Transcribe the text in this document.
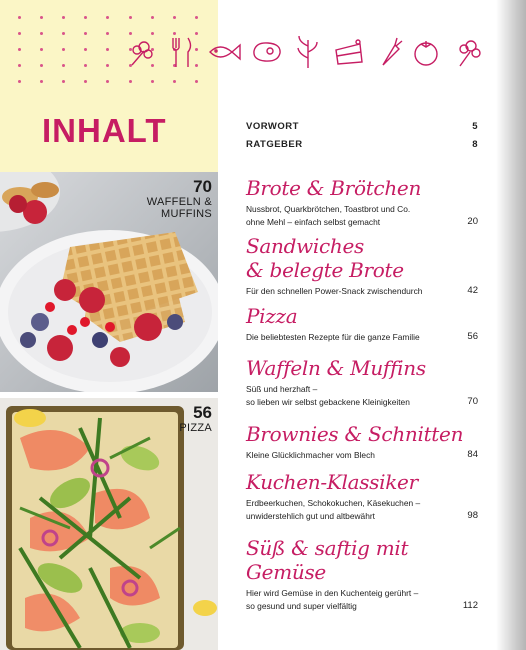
INHALT
70
WAFFELN &
MUFFINS
56
PIZZA
VORWORT	5
RATGEBER	8
Brote & Brötchen
Nussbrot, Quarkbrötchen, Toastbrot und Co.
ohne Mehl – einfach selbst gemacht	20
Sandwiches
& belegte Brote
Für den schnellen Power-Snack zwischendurch	42
Pizza
Die beliebtesten Rezepte für die ganze Familie	56
Waffeln & Muffins
Süß und herzhaft –
so lieben wir selbst gebackene Kleinigkeiten	70
Brownies & Schnitten
Kleine Glücklichmacher vom Blech	84
Kuchen-Klassiker
Erdbeerkuchen, Schokokuchen, Käsekuchen –
unwiderstehlich gut und altbewährt	98
Süß & saftig mit Gemüse
Hier wird Gemüse in den Kuchenteig gerührt –
so gesund und super vielfältig	112
